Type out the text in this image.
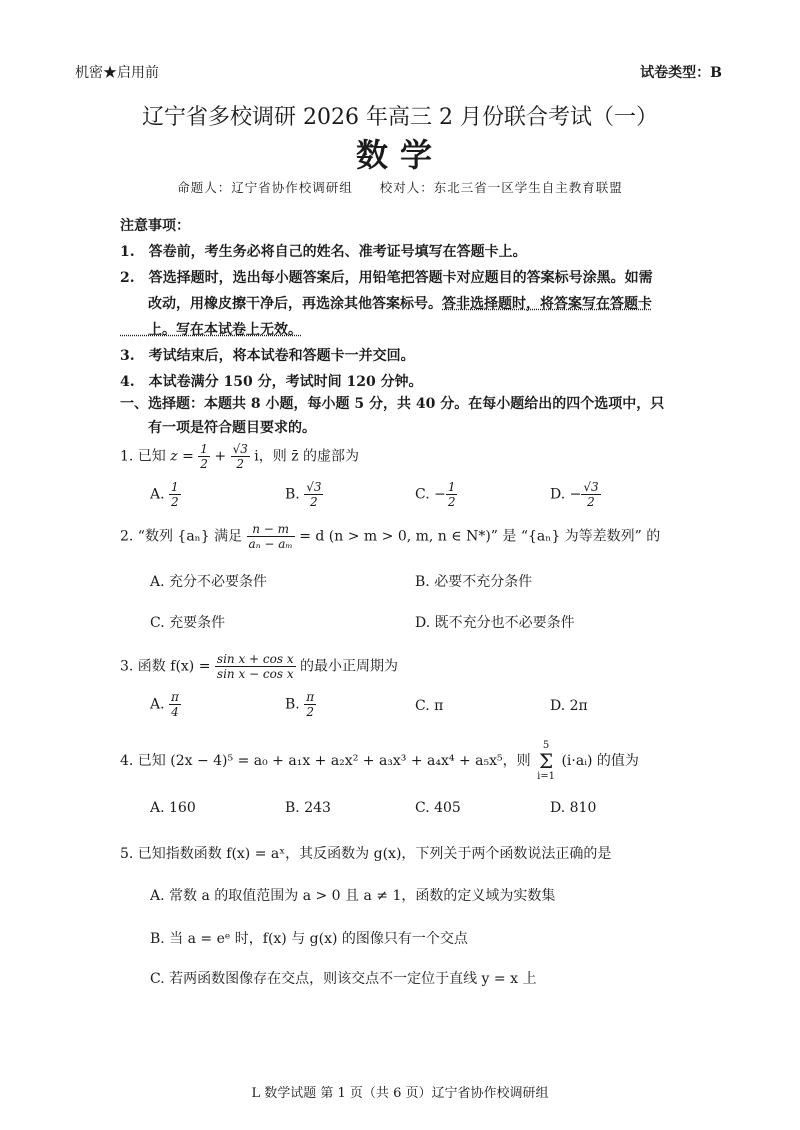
机密★启用前	试卷类型：B
辽宁省多校调研 2026 年高三 2 月份联合考试（一）
数学
命题人：辽宁省协作校调研组　　校对人：东北三省一区学生自主教育联盟
注意事项：
1.　答卷前，考生务必将自己的姓名、准考证号填写在答题卡上。
2.　答选择题时，选出每小题答案后，用铅笔把答题卡对应题目的答案标号涂黑。如需
　　改动，用橡皮擦干净后，再选涂其他答案标号。答非选择题时，将答案写在答题卡
　　上。写在本试卷上无效。
3.　考试结束后，将本试卷和答题卡一并交回。
4.　本试卷满分 150 分，考试时间 120 分钟。
一、选择题：本题共 8 小题，每小题 5 分，共 40 分。在每小题给出的四个选项中，只
有一项是符合题目要求的。
1. 已知 $z = \frac{1}{2} + \frac{√3}{2}$ i，则 z̄ 的虚部为
A. $\frac{1}{2}$	B. $\frac{√3}{2}$	C. − $\frac{1}{2}$	D. − $\frac{√3}{2}$
2. “数列 {aₙ} 满足 $\frac{n - m}{\text{aₙ − aₘ}} = d$ (n > m > 0, m, n ∈ N*)” 是 “{aₙ} 为等差数列” 的
A. 充分不必要条件	B. 必要不充分条件
C. 充要条件	D. 既不充分也不必要条件
3. 函数 $f(x) = \frac{\text{sin x + cos x}}{\text{sin x − cos x}}$ 的最小正周期为
A. $\frac{\pi}{4}$	B. $\frac{\pi}{2}$	C. π	D. 2π
4. 已知 (2x − 4)⁵ = a₀ + a₁x + a₂x² + a₃x³ + a₄x⁴ + a₅x⁵，则 5
Σ
i=1 (i·aᵢ) 的值为
A. 160	B. 243	C. 405	D. 810
5. 已知指数函数 f(x) = aˣ，其反函数为 g(x)，下列关于两个函数说法正确的是
A. 常数 a 的取值范围为 a > 0 且 a ≠ 1，函数的定义域为实数集
B. 当 a = eᵉ 时，f(x) 与 g(x) 的图像只有一个交点
C. 若两函数图像存在交点，则该交点不一定位于直线 y = x 上
L 数学试题 第 1 页（共 6 页）辽宁省协作校调研组
